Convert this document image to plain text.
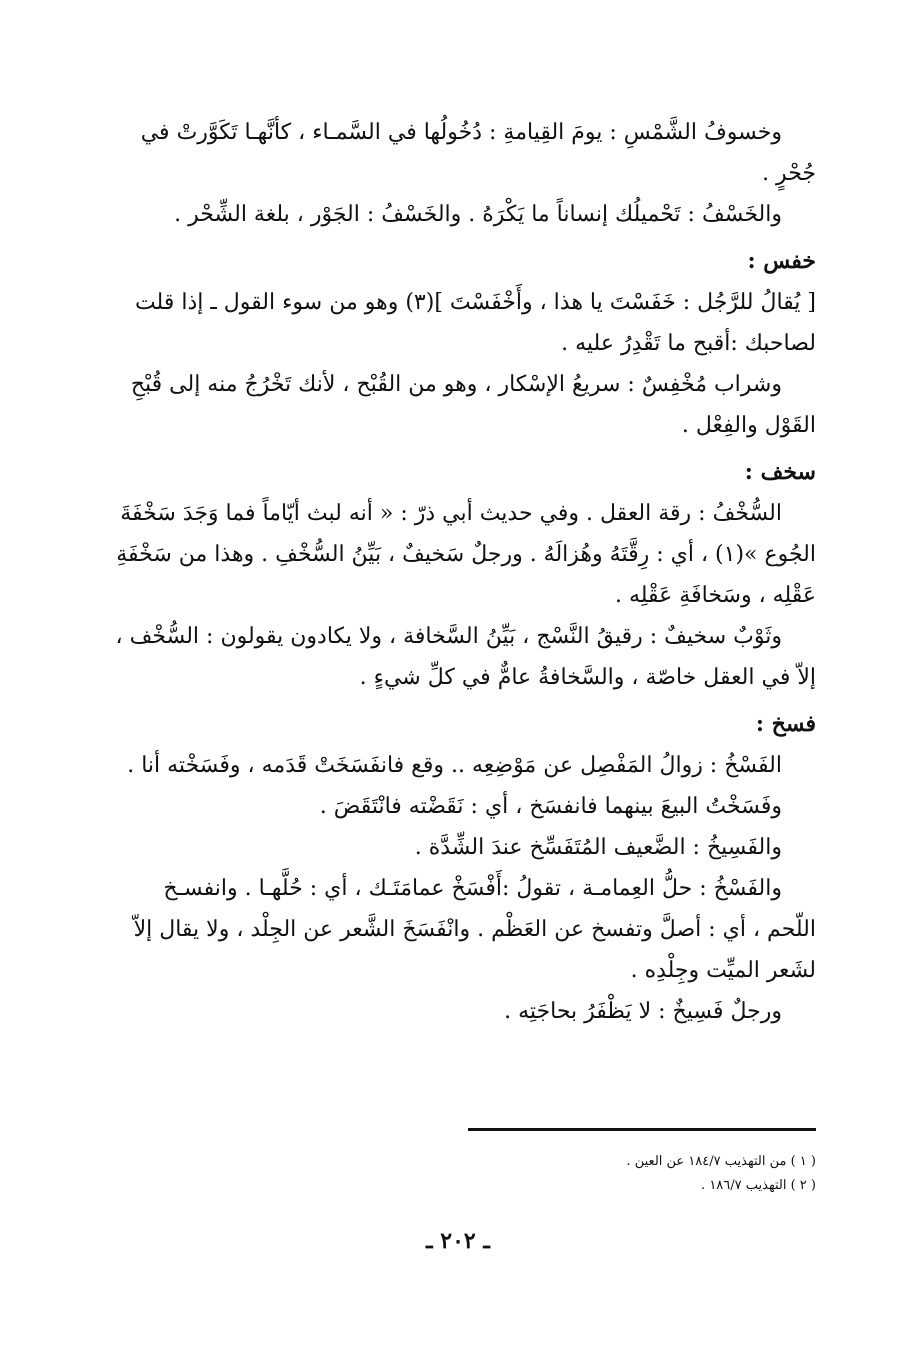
وخسوفُ الشَّمْسِ : يومَ القِيامةِ : دُخُولُها في السَّمـاء ، كأنَّهـا تَكَوَّرتْ في
جُحْرٍ .
والخَسْفُ : تَحْميلُك إنساناً ما يَكْرَهُ . والخَسْفُ : الجَوْر ، بلغة الشِّحْر .
خفس :
[ يُقالُ للرَّجُل : خَفَسْتَ يا هذا ، وأَخْفَسْتَ ](٣) وهو من سوء القول ـ إذا قلت
لصاحبك :أقبح ما تَقْدِرُ عليه .
وشراب مُخْفِسٌ : سريعُ الإسْكار ، وهو من القُبْح ، لأنك تَخْرُجُ منه إلى قُبْحِ
القَوْل والفِعْل .
سخف :
السُّخْفُ : رقة العقل . وفي حديث أبي ذرّ : « أنه لبث أيّاماً فما وَجَدَ سَخْفَةَ
الجُوع »(١) ، أي : رِقَّتَهُ وهُزالَهُ . ورجلٌ سَخيفٌ ، بَيِّنُ السُّخْفِ . وهذا من سَخْفَةِ
عَقْلِه ، وسَخافَةِ عَقْلِه .
وثَوْبٌ سخيفٌ : رقيقُ النَّسْج ، بَيِّنُ السَّخافة ، ولا يكادون يقولون : السُّخْف ،
إلاّ في العقل خاصّة ، والسَّخافةُ عامٌّ في كلِّ شيءٍ .
فسخ :
الفَسْخُ : زوالُ المَفْصِل عن مَوْضِعِه .. وقع فانفَسَخَتْ قَدَمه ، وفَسَخْته أنا .
وفَسَخْتُ البيعَ بينهما فانفسَخ ، أي : نَقَضْته فانْتَقَضَ .
والفَسِيخُ : الضَّعيف المُتَفَسِّخ عندَ الشِّدَّة .
والفَسْخُ : حلُّ العِمامـة ، تقولُ :أَفْسَخْ عمامَتَـك ، أي : حُلَّهـا . وانفسـخ
اللّحم ، أي : أصلَّ وتفسخ عن العَظْم . وانْفَسَخَ الشَّعر عن الجِلْد ، ولا يقال إلاّ
لشَعر الميِّت وجِلْدِه .
ورجلٌ فَسِيخٌ : لا يَظْفَرُ بحاجَتِه .
( ١ ) من التهذيب ١٨٤/٧ عن العين .
( ٢ ) التهذيب ١٨٦/٧ .
ـ ٢٠٢ ـ
